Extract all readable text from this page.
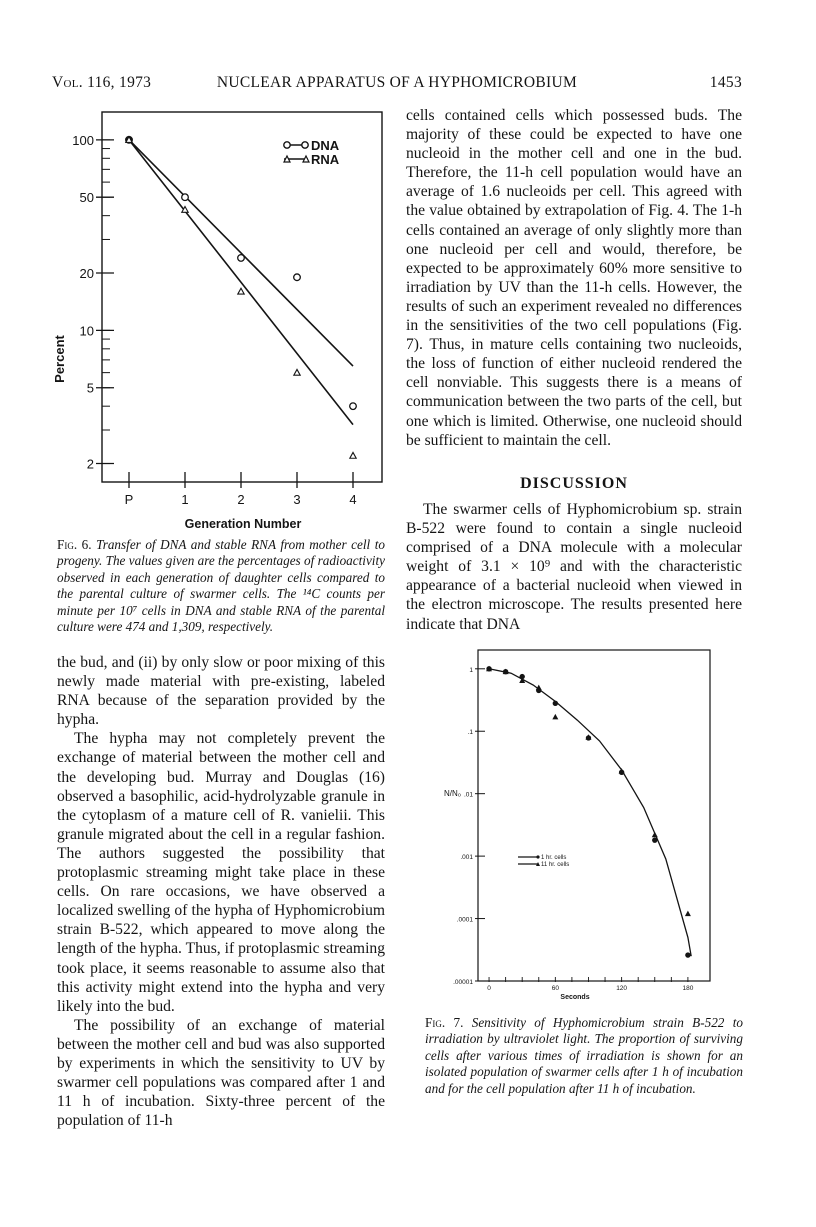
Vol. 116, 1973	NUCLEAR APPARATUS OF A HYPHOMICROBIUM	1453
Percent
Generation Number
DNA
RNA
100
50
20
10
5
2
P	1	2	3	4
Fig. 6. Transfer of DNA and stable RNA from mother cell to progeny. The values given are the percentages of radioactivity observed in each generation of daughter cells compared to the parental culture of swarmer cells. The ¹⁴C counts per minute per 10⁷ cells in DNA and stable RNA of the parental culture were 474 and 1,309, respectively.

the bud, and (ii) by only slow or poor mixing of this newly made material with pre-existing, labeled RNA because of the separation provided by the hypha.

The hypha may not completely prevent the exchange of material between the mother cell and the developing bud. Murray and Douglas (16) observed a basophilic, acid-hydrolyzable granule in the cytoplasm of a mature cell of R. vanielii. This granule migrated about the cell in a regular fashion. The authors suggested the possibility that protoplasmic streaming might take place in these cells. On rare occasions, we have observed a localized swelling of the hypha of Hyphomicrobium strain B-522, which appeared to move along the length of the hypha. Thus, if protoplasmic streaming took place, it seems reasonable to assume also that this activity might extend into the hypha and very likely into the bud.

The possibility of an exchange of material between the mother cell and bud was also supported by experiments in which the sensitivity to UV by swarmer cell populations was compared after 1 and 11 h of incubation. Sixty-three percent of the population of 11-h

cells contained cells which possessed buds. The majority of these could be expected to have one nucleoid in the mother cell and one in the bud. Therefore, the 11-h cell population would have an average of 1.6 nucleoids per cell. This agreed with the value obtained by extrapolation of Fig. 4. The 1-h cells contained an average of only slightly more than one nucleoid per cell and would, therefore, be expected to be approximately 60% more sensitive to irradiation by UV than the 11-h cells. However, the results of such an experiment revealed no differences in the sensitivities of the two cell populations (Fig. 7). Thus, in mature cells containing two nucleoids, the loss of function of either nucleoid rendered the cell nonviable. This suggests there is a means of communication between the two parts of the cell, but one which is limited. Otherwise, one nucleoid should be sufficient to maintain the cell.

DISCUSSION

The swarmer cells of Hyphomicrobium sp. strain B-522 were found to contain a single nucleoid comprised of a DNA molecule with a molecular weight of 3.1 × 10⁹ and with the characteristic appearance of a bacterial nucleoid when viewed in the electron microscope. The results presented here indicate that DNA

N/N₀
Seconds
1 hr. cells
11 hr. cells
1
.1
.01
.001
.0001
.00001
0	60	120	180
Fig. 7. Sensitivity of Hyphomicrobium strain B-522 to irradiation by ultraviolet light. The proportion of surviving cells after various times of irradiation is shown for an isolated population of swarmer cells after 1 h of incubation and for the cell population after 11 h of incubation.
